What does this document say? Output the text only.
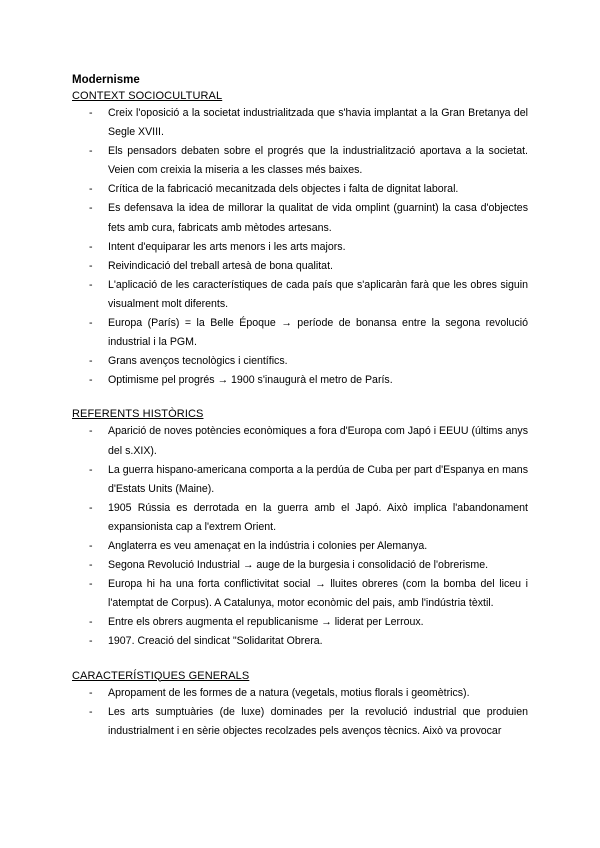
Modernisme

CONTEXT SOCIOCULTURAL

- Creix l'oposició a la societat industrialitzada que s'havia implantat a la Gran Bretanya del Segle XVIII.
- Els pensadors debaten sobre el progrés que la industrialització aportava a la societat. Veien com creixia la miseria a les classes més baixes.
- Crítica de la fabricació mecanitzada dels objectes i falta de dignitat laboral.
- Es defensava la idea de millorar la qualitat de vida omplint (guarnint) la casa d'objectes fets amb cura, fabricats amb mètodes artesans.
- Intent d'equiparar les arts menors i les arts majors.
- Reivindicació del treball artesà de bona qualitat.
- L'aplicació de les característiques de cada país que s'aplicaràn farà que les obres siguin visualment molt diferents.
- Europa (París) = la Belle Époque → període de bonansa entre la segona revolució industrial i la PGM.
- Grans avenços tecnològics i científics.
- Optimisme pel progrés → 1900 s'inaugurà el metro de París.

REFERENTS HISTÒRICS

- Aparició de noves potències econòmiques a fora d'Europa com Japó i EEUU (últims anys del s.XIX).
- La guerra hispano-americana comporta a la perdúa de Cuba per part d'Espanya en mans d'Estats Units (Maine).
- 1905 Rússia es derrotada en la guerra amb el Japó. Això implica l'abandonament expansionista cap a l'extrem Orient.
- Anglaterra es veu amenaçat en la indústria i colonies per Alemanya.
- Segona Revolució Industrial → auge de la burgesia i consolidació de l'obrerisme.
- Europa hi ha una forta conflictivitat social → lluites obreres (com la bomba del liceu i l'atemptat de Corpus). A Catalunya, motor econòmic del pais, amb l'indústria tèxtil.
- Entre els obrers augmenta el republicanisme → liderat per Lerroux.
- 1907. Creació del sindicat "Solidaritat Obrera.

CARACTERÍSTIQUES GENERALS

- Apropament de les formes de a natura (vegetals, motius florals i geomètrics).
- Les arts sumptuàries (de luxe) dominades per la revolució industrial que produien industrialment i en sèrie objectes recolzades pels avenços tècnics. Això va provocar
